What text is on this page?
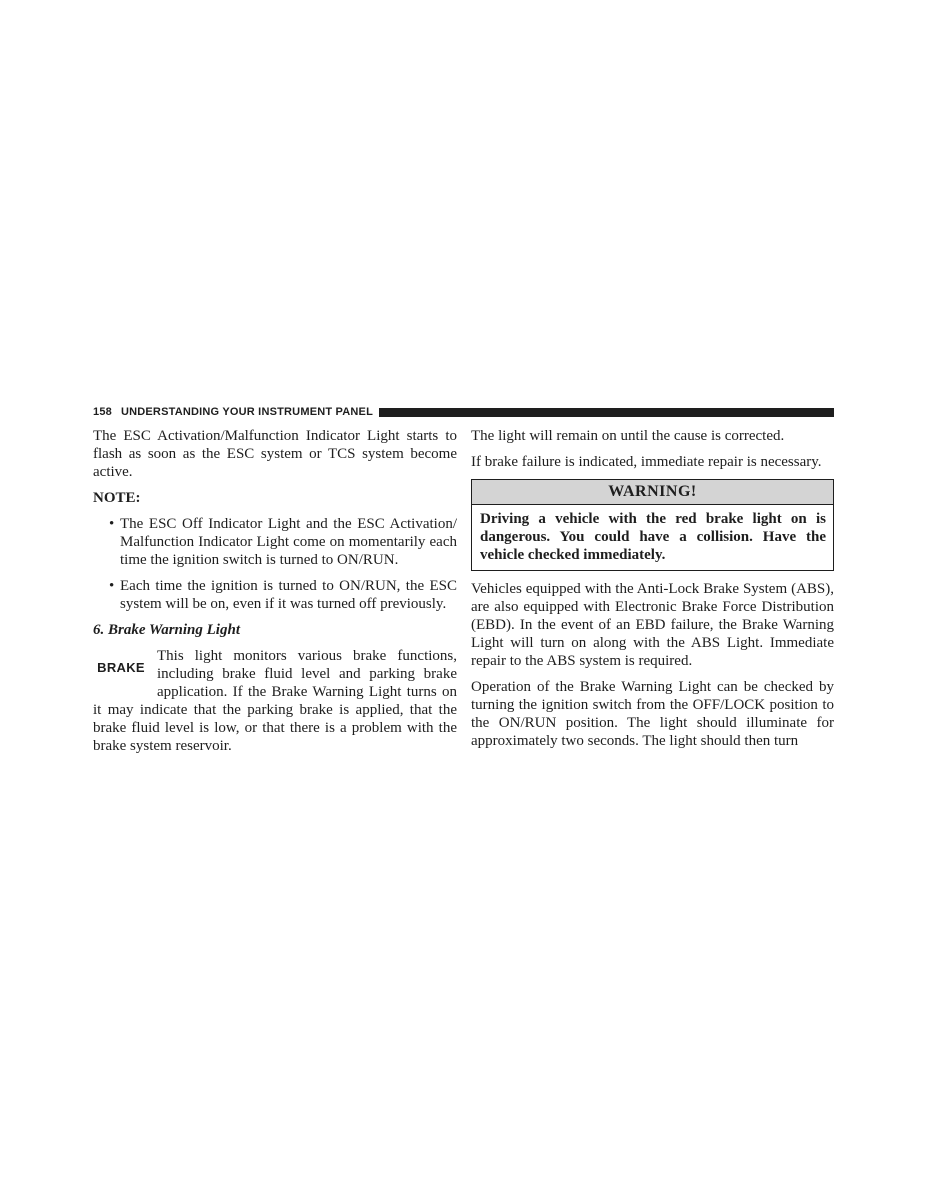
158 UNDERSTANDING YOUR INSTRUMENT PANEL

The ESC Activation/Malfunction Indicator Light starts to flash as soon as the ESC system or TCS system become active.

NOTE:

• The ESC Off Indicator Light and the ESC Activation/ Malfunction Indicator Light come on momentarily each time the ignition switch is turned to ON/RUN.
• Each time the ignition is turned to ON/RUN, the ESC system will be on, even if it was turned off previously.

6. Brake Warning Light

BRAKE
This light monitors various brake functions, including brake fluid level and parking brake application. If the Brake Warning Light turns on it may indicate that the parking brake is applied, that the brake fluid level is low, or that there is a problem with the brake system reservoir.

The light will remain on until the cause is corrected.

If brake failure is indicated, immediate repair is necessary.

WARNING!
Driving a vehicle with the red brake light on is dangerous. You could have a collision. Have the vehicle checked immediately.

Vehicles equipped with the Anti-Lock Brake System (ABS), are also equipped with Electronic Brake Force Distribution (EBD). In the event of an EBD failure, the Brake Warning Light will turn on along with the ABS Light. Immediate repair to the ABS system is required.

Operation of the Brake Warning Light can be checked by turning the ignition switch from the OFF/LOCK position to the ON/RUN position. The light should illuminate for approximately two seconds. The light should then turn
